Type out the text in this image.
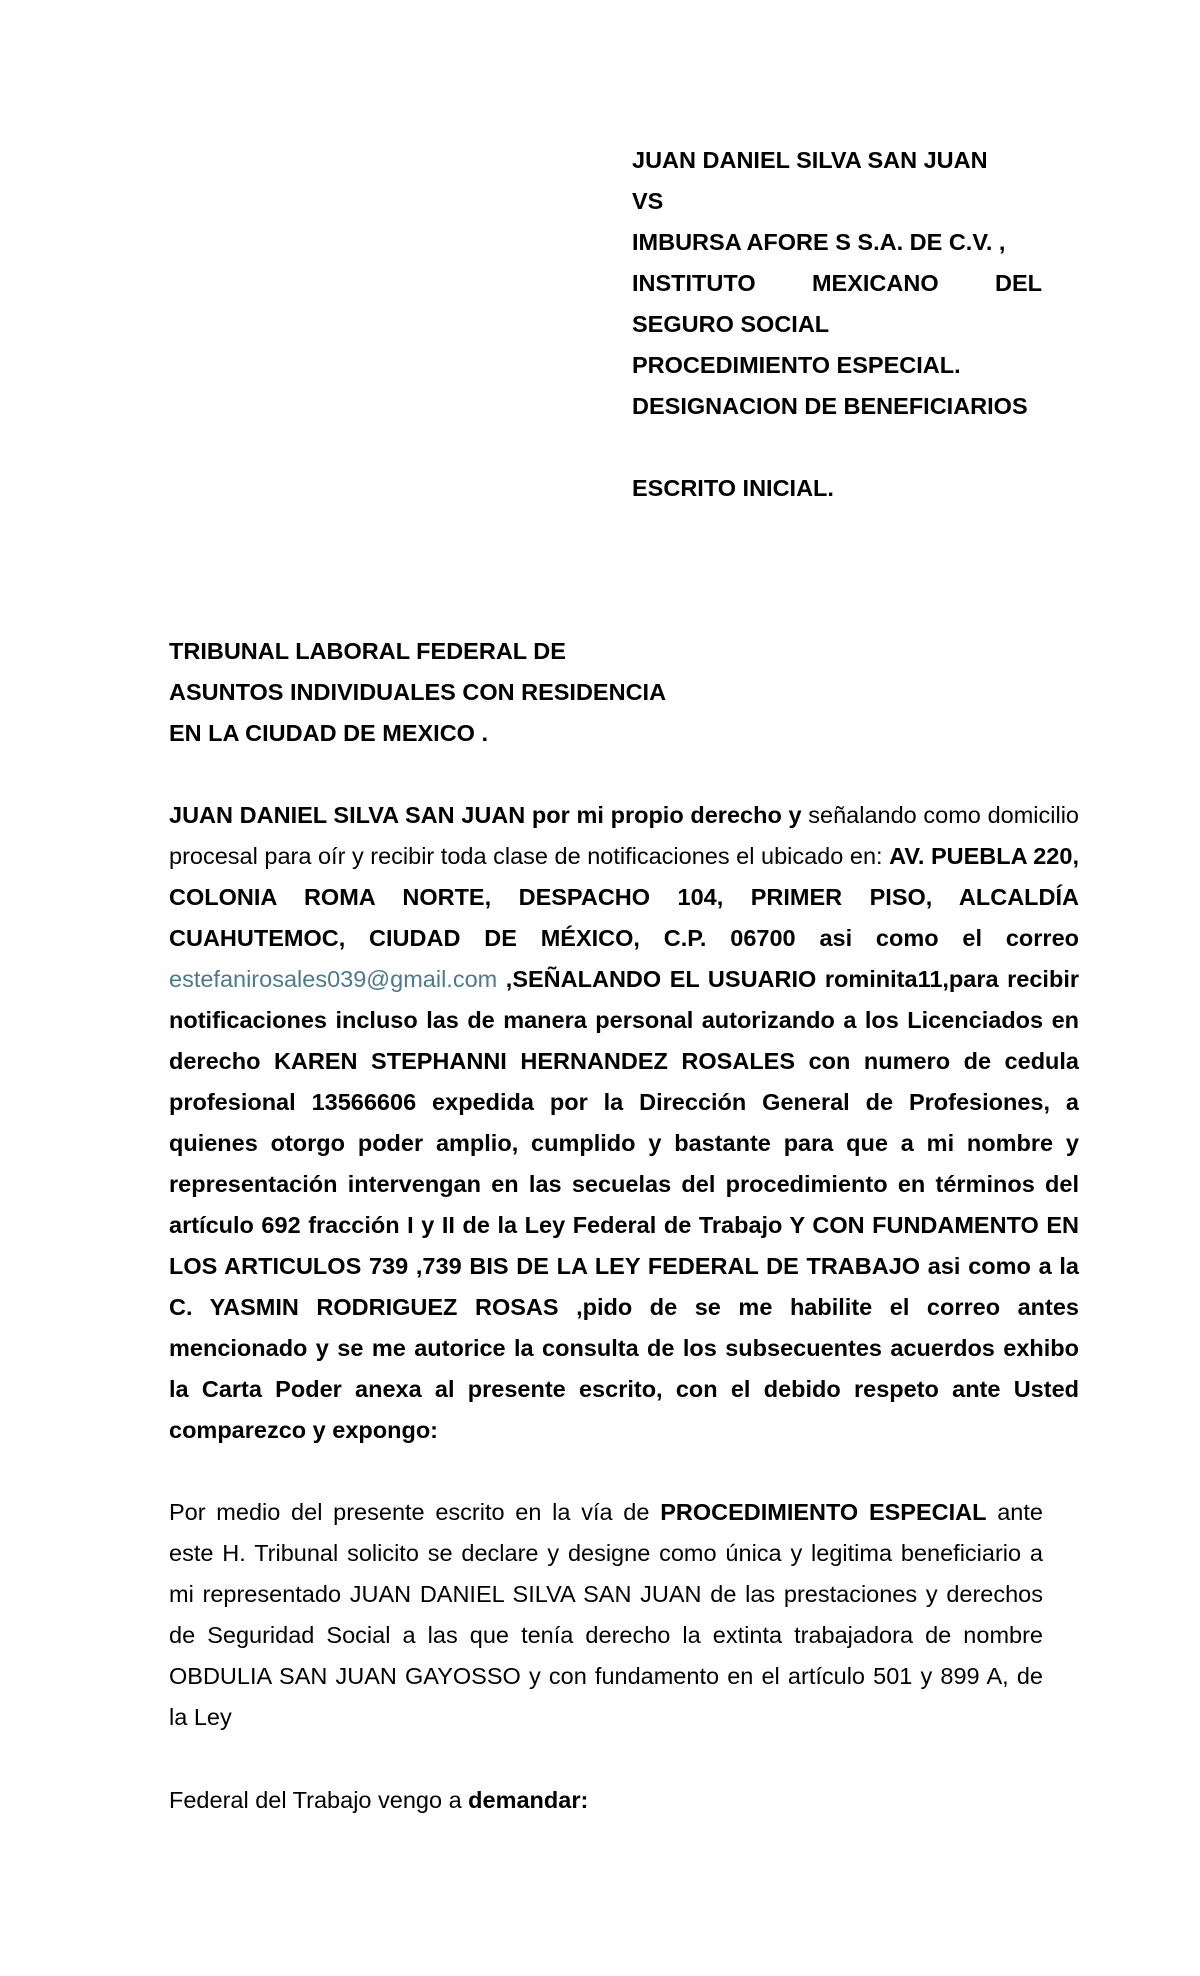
JUAN DANIEL SILVA SAN JUAN
VS
IMBURSA AFORE S S.A. DE C.V. ,
INSTITUTO MEXICANO DEL
SEGURO SOCIAL
PROCEDIMIENTO ESPECIAL.
DESIGNACION DE BENEFICIARIOS
ESCRITO INICIAL.
TRIBUNAL LABORAL FEDERAL DE
ASUNTOS INDIVIDUALES CON RESIDENCIA
EN LA CIUDAD DE MEXICO .
JUAN DANIEL SILVA SAN JUAN por mi propio derecho y señalando como domicilio procesal para oír y recibir toda clase de notificaciones el ubicado en: AV. PUEBLA 220, COLONIA ROMA NORTE, DESPACHO 104, PRIMER PISO, ALCALDÍA CUAHUTEMOC, CIUDAD DE MÉXICO, C.P. 06700 asi como el correo estefanirosales039@gmail.com ,SEÑALANDO EL USUARIO rominita11,para recibir notificaciones incluso las de manera personal autorizando a los Licenciados en derecho KAREN STEPHANNI HERNANDEZ ROSALES con numero de cedula profesional 13566606 expedida por la Dirección General de Profesiones, a quienes otorgo poder amplio, cumplido y bastante para que a mi nombre y representación intervengan en las secuelas del procedimiento en términos del artículo 692 fracción I y II de la Ley Federal de Trabajo Y CON FUNDAMENTO EN LOS ARTICULOS 739 ,739 BIS DE LA LEY FEDERAL DE TRABAJO asi como a la C. YASMIN RODRIGUEZ ROSAS ,pido de se me habilite el correo antes mencionado y se me autorice la consulta de los subsecuentes acuerdos exhibo la Carta Poder anexa al presente escrito, con el debido respeto ante Usted comparezco y expongo:
Por medio del presente escrito en la vía de PROCEDIMIENTO ESPECIAL ante este H. Tribunal solicito se declare y designe como única y legitima beneficiario a mi representado JUAN DANIEL SILVA SAN JUAN de las prestaciones y derechos de Seguridad Social a las que tenía derecho la extinta trabajadora de nombre OBDULIA SAN JUAN GAYOSSO y con fundamento en el artículo 501 y 899 A, de la Ley
Federal del Trabajo vengo a demandar:
